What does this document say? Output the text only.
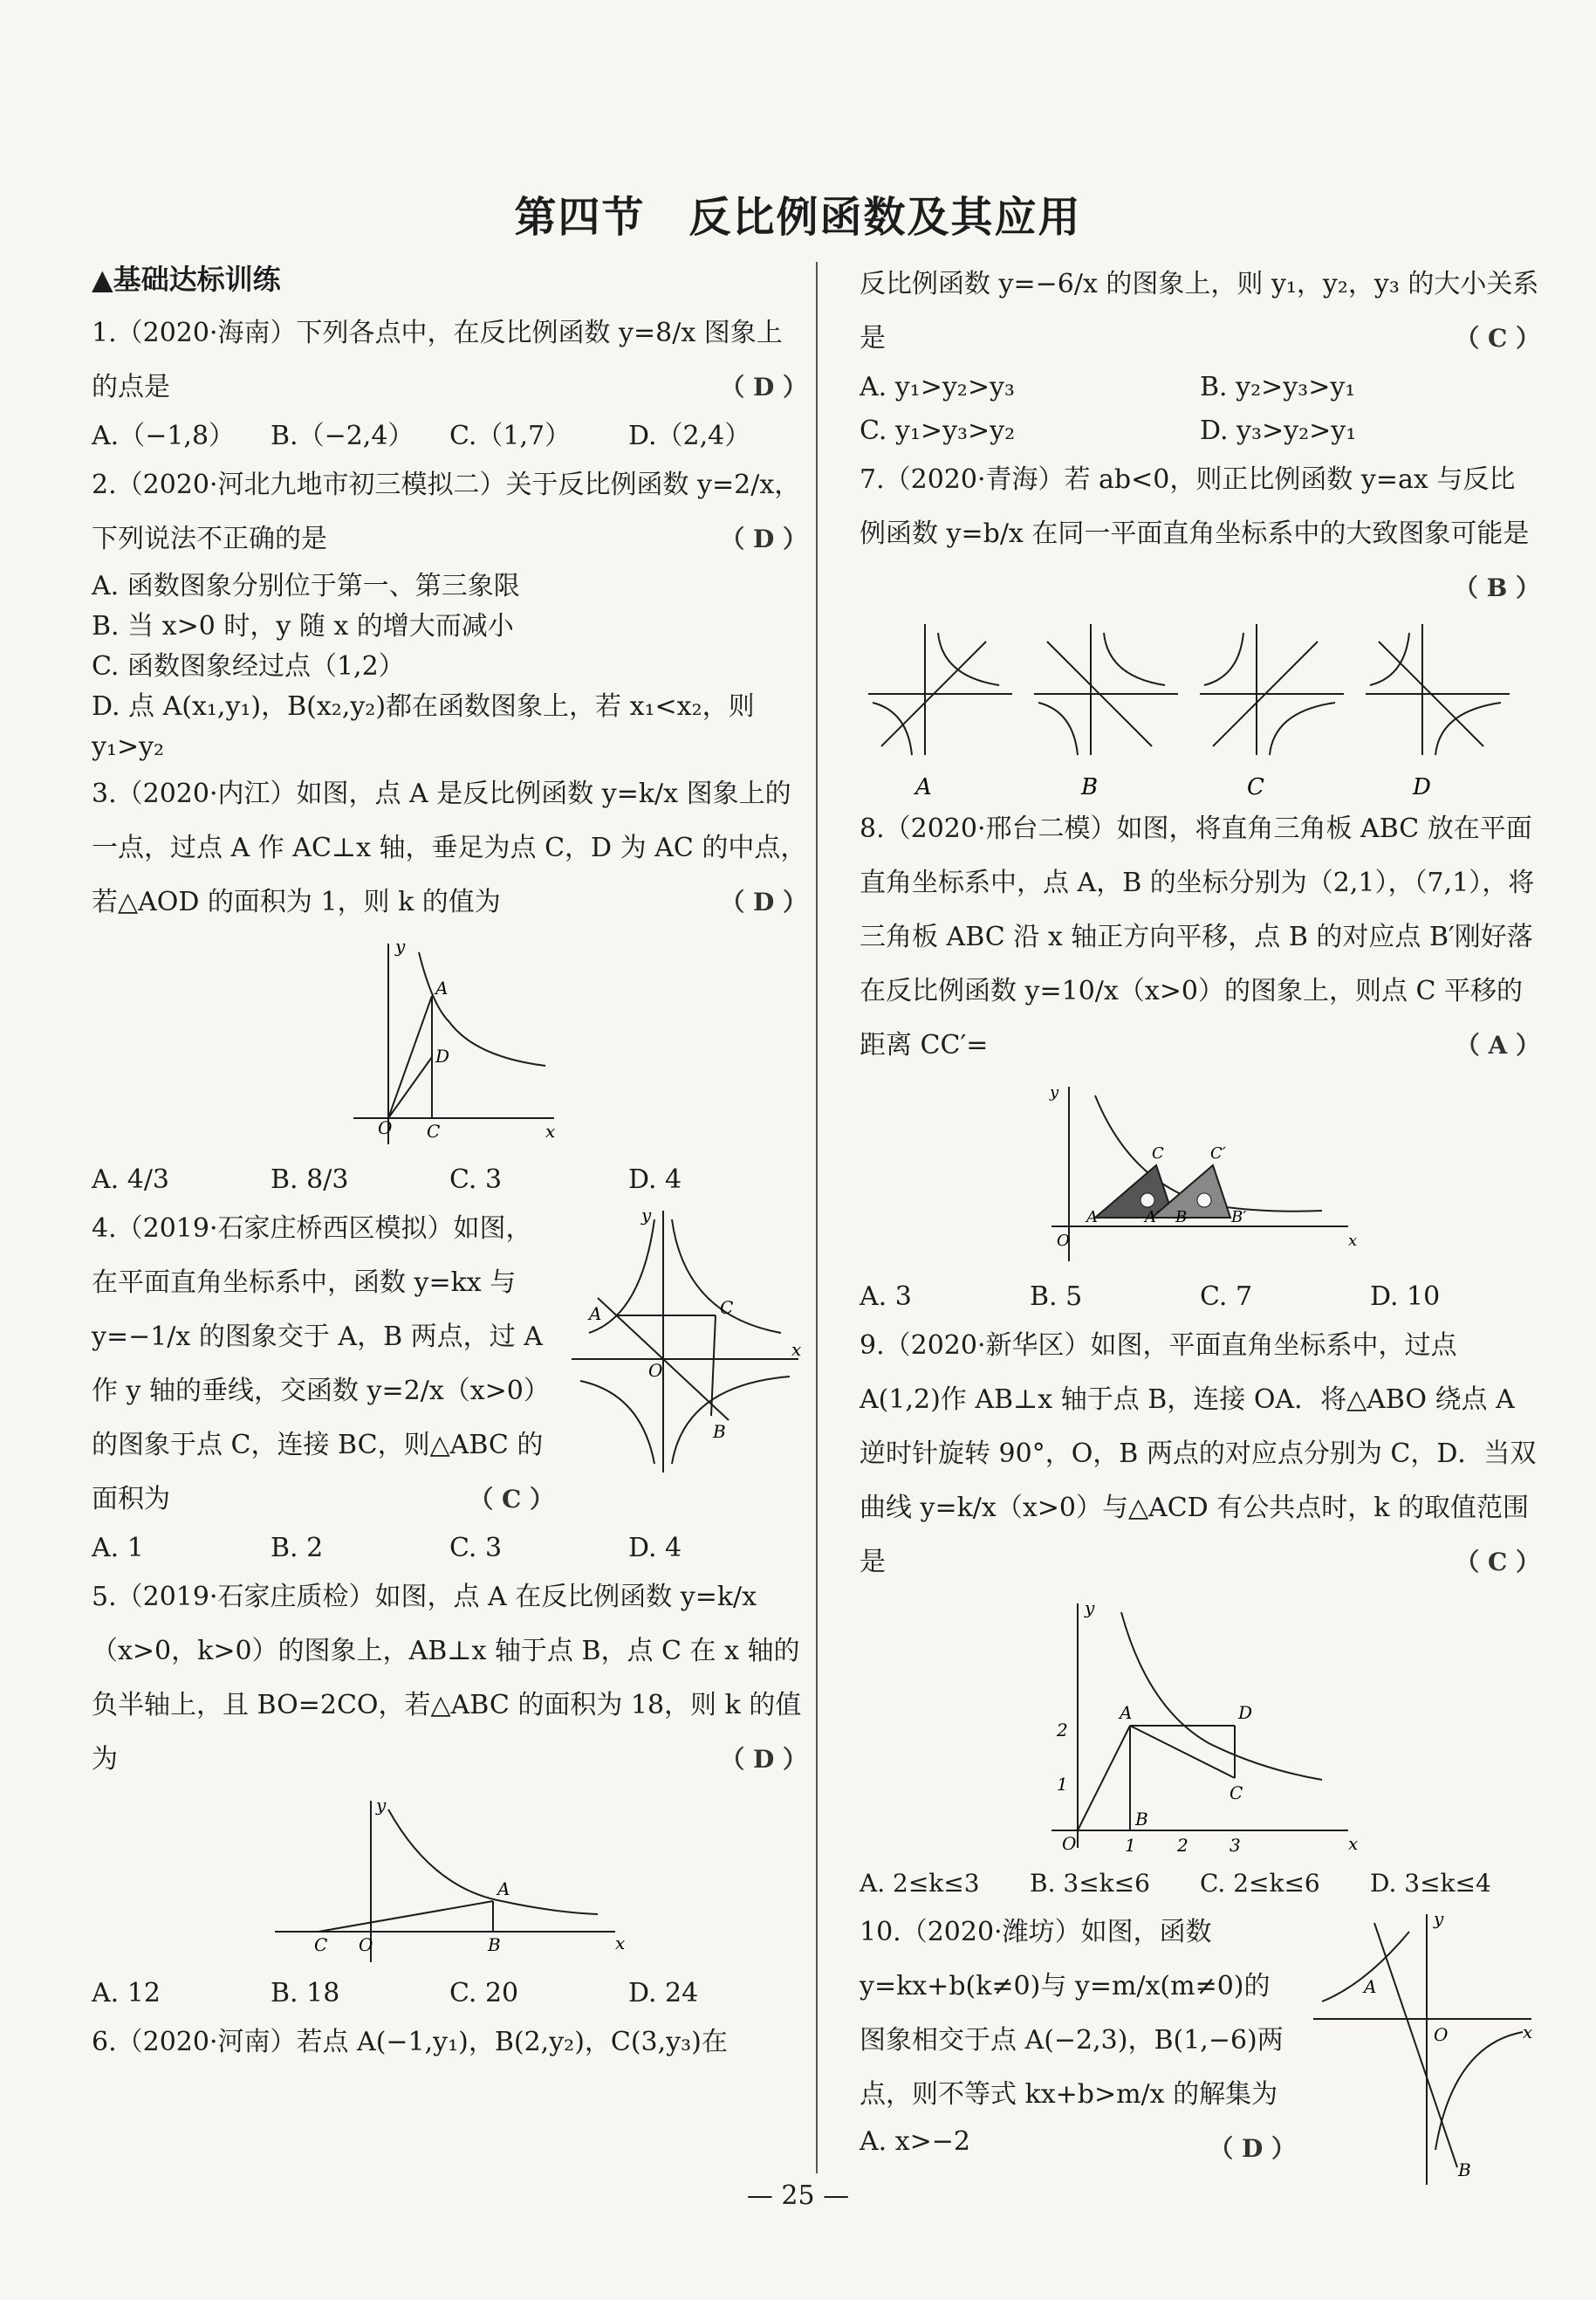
第四节　反比例函数及其应用
▲基础达标训练

1.（2020·海南）下列各点中，在反比例函数 y=8/x 图象上的点是	（ D ）

A.（−1,8）	B.（−2,4）	C.（1,7）	D.（2,4）

2.（2020·河北九地市初三模拟二）关于反比例函数 y=2/x，下列说法不正确的是	（ D ）

A. 函数图象分别位于第一、第三象限
B. 当 x>0 时，y 随 x 的增大而减小
C. 函数图象经过点（1,2）
D. 点 A(x₁,y₁)，B(x₂,y₂)都在函数图象上，若 x₁<x₂，则 y₁>y₂

3.（2020·内江）如图，点 A 是反比例函数 y=k/x 图象上的一点，过点 A 作 AC⊥x 轴，垂足为点 C，D 为 AC 的中点，若△AOD 的面积为 1，则 k 的值为	（ D ）

O	x
y
A
D
C
A. 4/3	B. 8/3	C. 3	D. 4
A	C
B
O
x
y

4.（2019·石家庄桥西区模拟）如图，在平面直角坐标系中，函数 y=kx 与 y=−1/x 的图象交于 A，B 两点，过 A 作 y 轴的垂线，交函数 y=2/x（x>0）的图象于点 C，连接 BC，则△ABC 的面积为	（ C ）

A. 1	B. 2	C. 3	D. 4

5.（2019·石家庄质检）如图，点 A 在反比例函数 y=k/x（x>0，k>0）的图象上，AB⊥x 轴于点 B，点 C 在 x 轴的负半轴上，且 BO=2CO，若△ABC 的面积为 18，则 k 的值为	（ D ）

C O	B
A
x
y
A. 12	B. 18	C. 20	D. 24

6.（2020·河南）若点 A(−1,y₁)，B(2,y₂)，C(3,y₃)在

反比例函数 y=−6/x 的图象上，则 y₁，y₂，y₃ 的大小关系是	（ C ）

A. y₁>y₂>y₃	B. y₂>y₃>y₁
C. y₁>y₃>y₂	D. y₃>y₂>y₁

7.（2020·青海）若 ab<0，则正比例函数 y=ax 与反比例函数 y=b/x 在同一平面直角坐标系中的大致图象可能是
（ B ）

A	B	C	D

8.（2020·邢台二模）如图，将直角三角板 ABC 放在平面直角坐标系中，点 A，B 的坐标分别为（2,1），（7,1），将三角板 ABC 沿 x 轴正方向平移，点 B 的对应点 B′刚好落在反比例函数 y=10/x（x>0）的图象上，则点 C 平移的距离 CC′=	（ A ）

A	A′ B	B′
C	C′
O	x
y
A. 3	B. 5	C. 7	D. 10

9.（2020·新华区）如图，平面直角坐标系中，过点 A(1,2)作 AB⊥x 轴于点 B，连接 OA．将△ABO 绕点 A 逆时针旋转 90°，O，B 两点的对应点分别为 C，D．当双曲线 y=k/x（x>0）与△ACD 有公共点时，k 的取值范围是	（ C ）

2
1
1 2 3
A	D
C
B
O	x
y
A. 2≤k≤3	B. 3≤k≤6	C. 2≤k≤6	D. 3≤k≤4
A
B
O	x
y

10.（2020·潍坊）如图，函数 y=kx+b(k≠0)与 y=m/x(m≠0)的图象相交于点 A(−2,3)，B(1,−6)两点，则不等式 kx+b>m/x 的解集为
（ D ）

A. x>−2
— 25 —
